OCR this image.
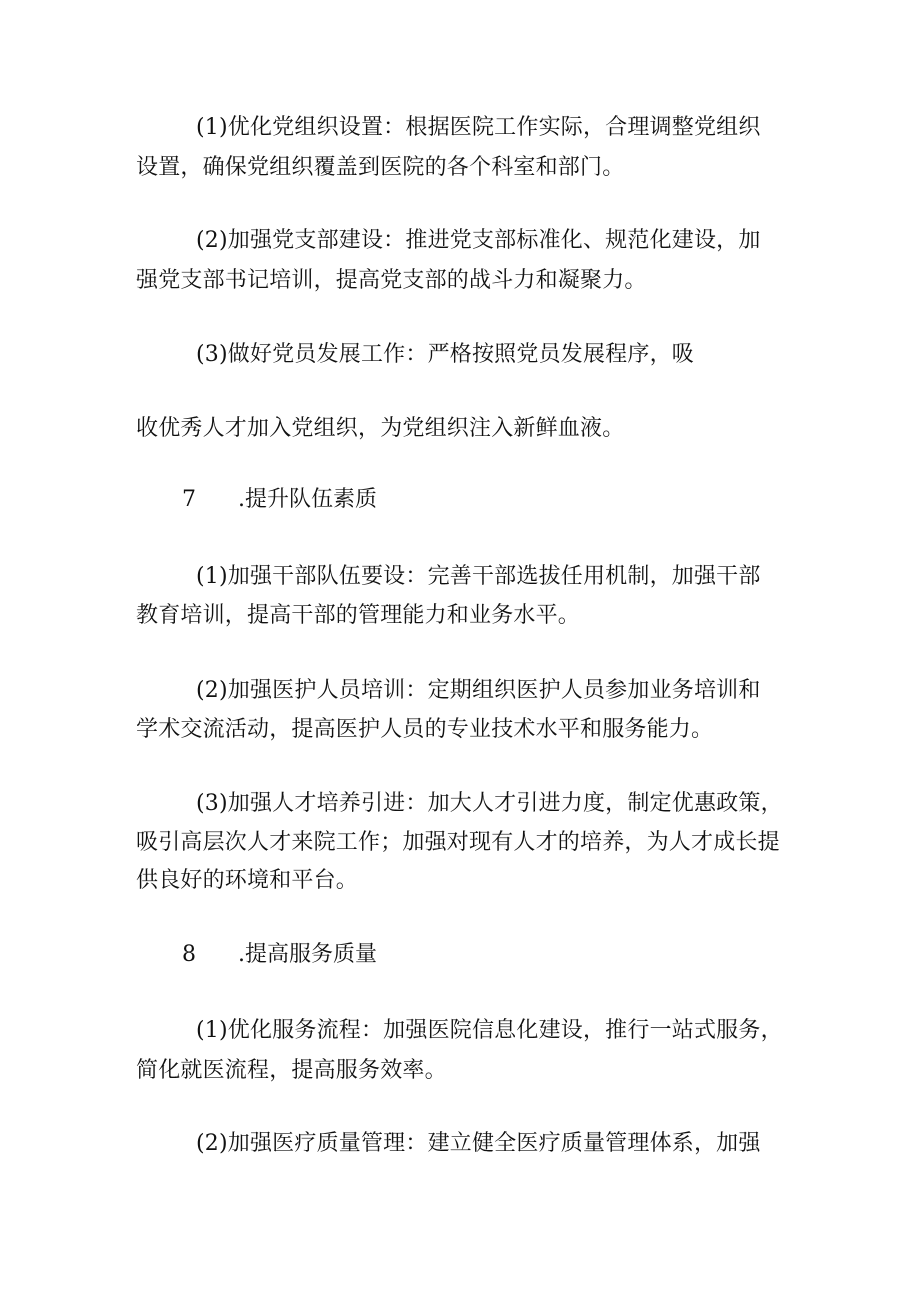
(1)优化党组织设置：根据医院工作实际，合理调整党组织
设置，确保党组织覆盖到医院的各个科室和部门。
(2)加强党支部建设：推进党支部标准化、规范化建设，加
强党支部书记培训，提高党支部的战斗力和凝聚力。
(3)做好党员发展工作：严格按照党员发展程序，吸
收优秀人才加入党组织，为党组织注入新鲜血液。
7 .提升队伍素质
(1)加强干部队伍要设：完善干部选拔任用机制，加强干部
教育培训，提高干部的管理能力和业务水平。
(2)加强医护人员培训：定期组织医护人员参加业务培训和
学术交流活动，提高医护人员的专业技术水平和服务能力。
(3)加强人才培养引进：加大人才引进力度，制定优惠政策，
吸引高层次人才来院工作；加强对现有人才的培养，为人才成长提
供良好的环境和平台。
8 .提高服务质量
(1)优化服务流程：加强医院信息化建设，推行一站式服务，
简化就医流程，提高服务效率。
(2)加强医疗质量管理：建立健全医疗质量管理体系，加强
